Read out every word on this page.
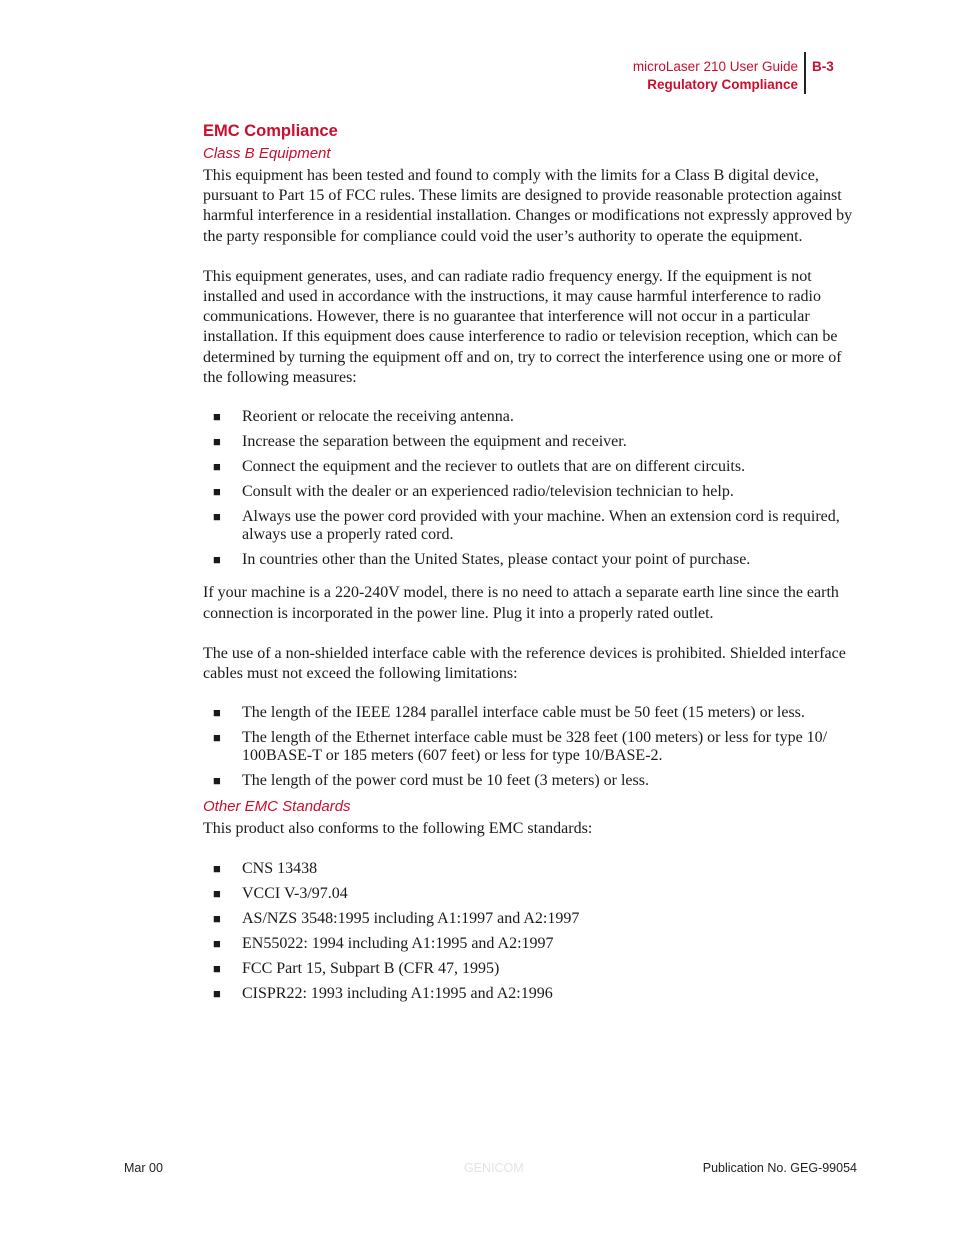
microLaser 210 User Guide
Regulatory Compliance
B-3
EMC Compliance
Class B Equipment

This equipment has been tested and found to comply with the limits for a Class B digital device, pursuant to Part 15 of FCC rules. These limits are designed to provide reasonable protection against harmful interference in a residential installation. Changes or modifications not expressly approved by the party responsible for compliance could void the user’s authority to operate the equipment.

This equipment generates, uses, and can radiate radio frequency energy. If the equipment is not installed and used in accordance with the instructions, it may cause harmful interference to radio communications. However, there is no guarantee that interference will not occur in a particular installation. If this equipment does cause interference to radio or television reception, which can be determined by turning the equipment off and on, try to correct the interference using one or more of the following measures:

■ Reorient or relocate the receiving antenna.
■ Increase the separation between the equipment and receiver.
■ Connect the equipment and the reciever to outlets that are on different circuits.
■ Consult with the dealer or an experienced radio/television technician to help.
■ Always use the power cord provided with your machine. When an extension cord is required, always use a properly rated cord.
■ In countries other than the United States, please contact your point of purchase.

If your machine is a 220-240V model, there is no need to attach a separate earth line since the earth connection is incorporated in the power line. Plug it into a properly rated outlet.

The use of a non-shielded interface cable with the reference devices is prohibited. Shielded interface cables must not exceed the following limitations:

■ The length of the IEEE 1284 parallel interface cable must be 50 feet (15 meters) or less.
■ The length of the Ethernet interface cable must be 328 feet (100 meters) or less for type 10/ 100BASE-T or 185 meters (607 feet) or less for type 10/BASE-2.
■ The length of the power cord must be 10 feet (3 meters) or less.
Other EMC Standards

This product also conforms to the following EMC standards:

■ CNS 13438
■ VCCI V-3/97.04
■ AS/NZS 3548:1995 including A1:1997 and A2:1997
■ EN55022: 1994 including A1:1995 and A2:1997
■ FCC Part 15, Subpart B (CFR 47, 1995)
■ CISPR22: 1993 including A1:1995 and A2:1996
Mar 00	GENICOM	Publication No. GEG-99054
